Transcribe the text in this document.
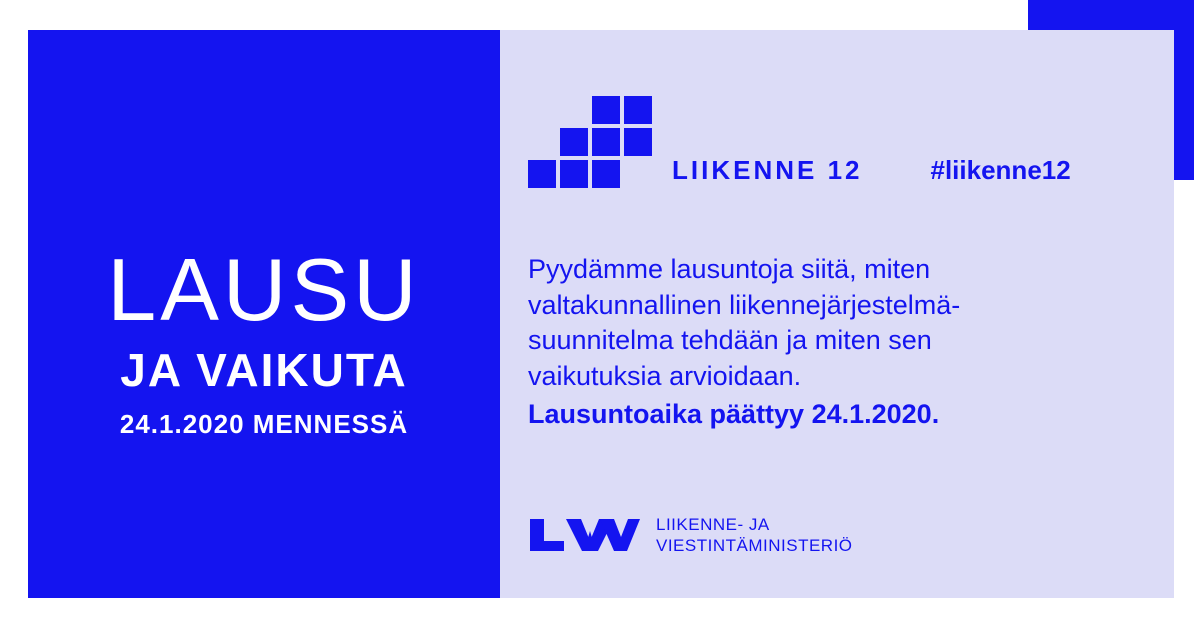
LAUSU
JA VAIKUTA
24.1.2020 MENNESSÄ
LIIKENNE 12	#liikenne12

Pyydämme lausuntoja siitä, miten

valtakunnallinen liikennejärjestelmä-

suunnitelma tehdään ja miten sen

vaikutuksia arvioidaan.

Lausuntoaika päättyy 24.1.2020.

LIIKENNE- JA
VIESTINTÄMINISTERIÖ
